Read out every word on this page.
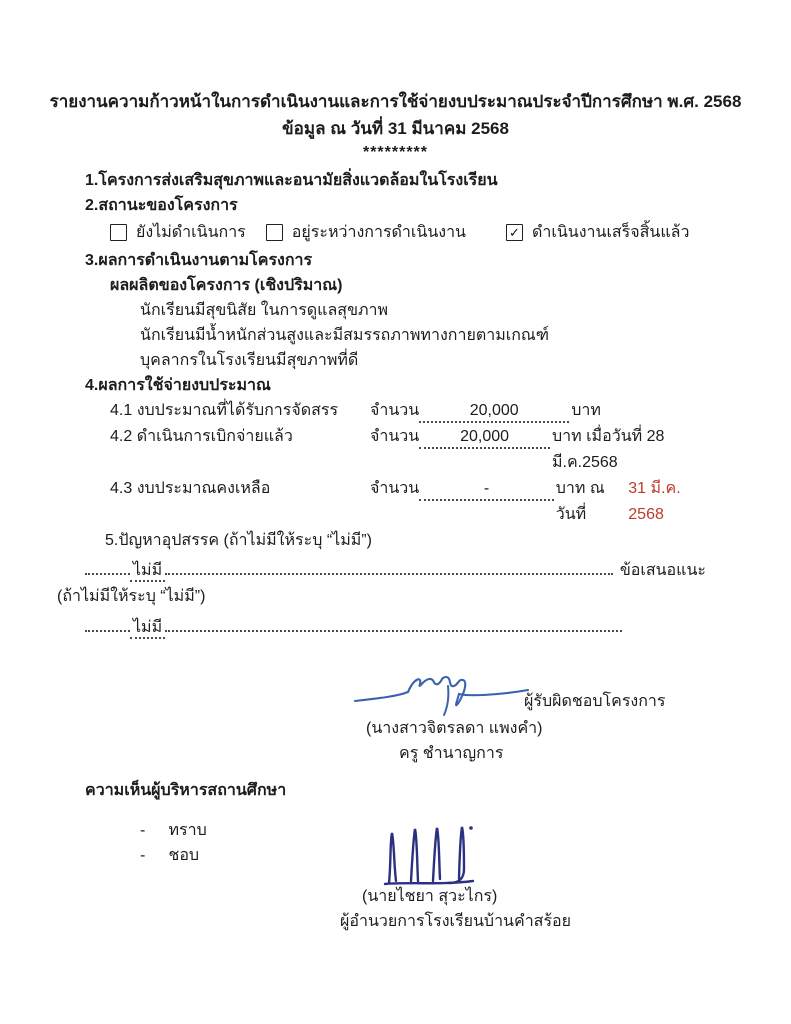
รายงานความก้าวหน้าในการดำเนินงานและการใช้จ่ายงบประมาณประจำปีการศึกษา พ.ศ. 2568
ข้อมูล ณ วันที่ 31 มีนาคม 2568
*********
1.โครงการส่งเสริมสุขภาพและอนามัยสิ่งแวดล้อมในโรงเรียน
2.สถานะของโครงการ
ยังไม่ดำเนินการ	อยู่ระหว่างการดำเนินงาน	✓ ดำเนินงานเสร็จสิ้นแล้ว
3.ผลการดำเนินงานตามโครงการ
ผลผลิตของโครงการ (เชิงปริมาณ)
นักเรียนมีสุขนิสัย ในการดูแลสุขภาพ
นักเรียนมีน้ำหนักส่วนสูงและมีสมรรถภาพทางกายตามเกณฑ์
บุคลากรในโรงเรียนมีสุขภาพที่ดี
4.ผลการใช้จ่ายงบประมาณ
4.1 งบประมาณที่ได้รับการจัดสรร	จำนวน	20,000	บาท
4.2 ดำเนินการเบิกจ่ายแล้ว	จำนวน	20,000	บาท เมื่อวันที่ 28 มี.ค.2568
4.3 งบประมาณคงเหลือ	จำนวน	-	บาท ณ วันที่
31 มี.ค. 2568
5.ปัญหาอุปสรรค (ถ้าไม่มีให้ระบุ “ไม่มี”)
ไม่มี	ข้อเสนอแนะ
(ถ้าไม่มีให้ระบุ “ไม่มี”)
ไม่มี
ผู้รับผิดชอบโครงการ
(นางสาวจิตรลดา แพงคำ)
ครู ชำนาญการ
ความเห็นผู้บริหารสถานศึกษา
- ทราบ
- ชอบ
(นายไชยา สุวะไกร)
ผู้อำนวยการโรงเรียนบ้านคำสร้อย
